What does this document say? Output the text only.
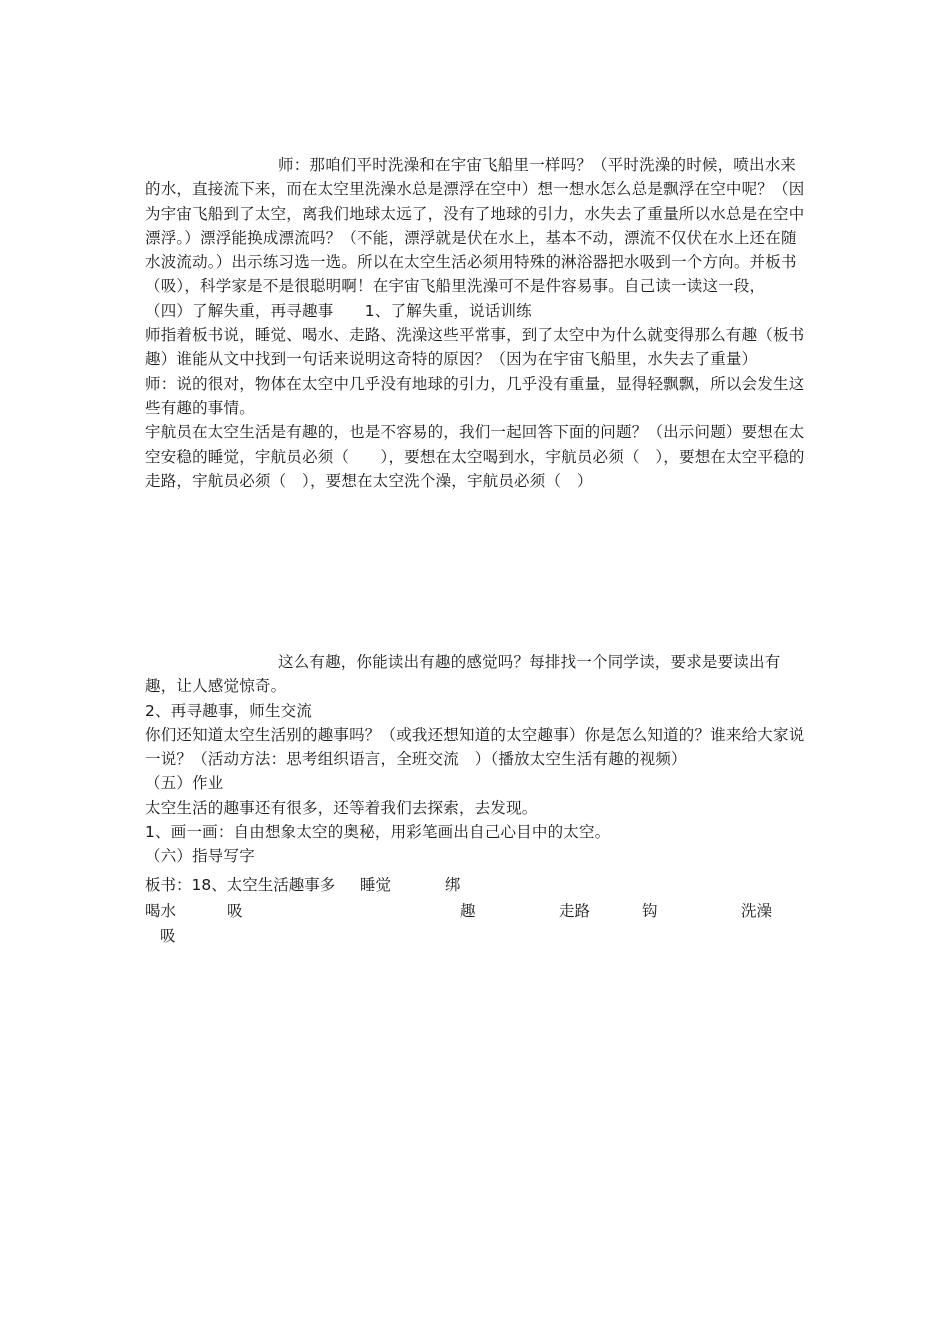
师：那咱们平时洗澡和在宇宙飞船里一样吗？（平时洗澡的时候，喷出水来的水，直接流下来，而在太空里洗澡水总是漂浮在空中）想一想水怎么总是飘浮在空中呢？（因为宇宙飞船到了太空，离我们地球太远了，没有了地球的引力，水失去了重量所以水总是在空中漂浮。）漂浮能换成漂流吗？（不能，漂浮就是伏在水上，基本不动，漂流不仅伏在水上还在随水波流动。）出示练习选一选。所以在太空生活必须用特殊的淋浴器把水吸到一个方向。并板书（吸），科学家是不是很聪明啊！在宇宙飞船里洗澡可不是件容易事。自己读一读这一段，

（四）了解失重，再寻趣事　　1、了解失重，说话训练

师指着板书说，睡觉、喝水、走路、洗澡这些平常事，到了太空中为什么就变得那么有趣（板书趣）谁能从文中找到一句话来说明这奇特的原因？（因为在宇宙飞船里，水失去了重量）

师：说的很对，物体在太空中几乎没有地球的引力，几乎没有重量，显得轻飘飘，所以会发生这些有趣的事情。

宇航员在太空生活是有趣的，也是不容易的，我们一起回答下面的问题？（出示问题）要想在太空安稳的睡觉，宇航员必须（　　），要想在太空喝到水，宇航员必须（　），要想在太空平稳的走路，宇航员必须（　），要想在太空洗个澡，宇航员必须（　）

这么有趣，你能读出有趣的感觉吗？每排找一个同学读，要求是要读出有趣，让人感觉惊奇。

2、再寻趣事，师生交流

你们还知道太空生活别的趣事吗？（或我还想知道的太空趣事）你是怎么知道的？谁来给大家说一说？（活动方法：思考组织语言，全班交流　）（播放太空生活有趣的视频）

（五）作业

太空生活的趣事还有很多，还等着我们去探索，去发现。

1、画一画：自由想象太空的奥秘，用彩笔画出自己心目中的太空。

（六）指导写字

板书：18、太空生活趣事多 睡觉	绑
喝水	吸	趣	走路	钩	洗澡
吸
